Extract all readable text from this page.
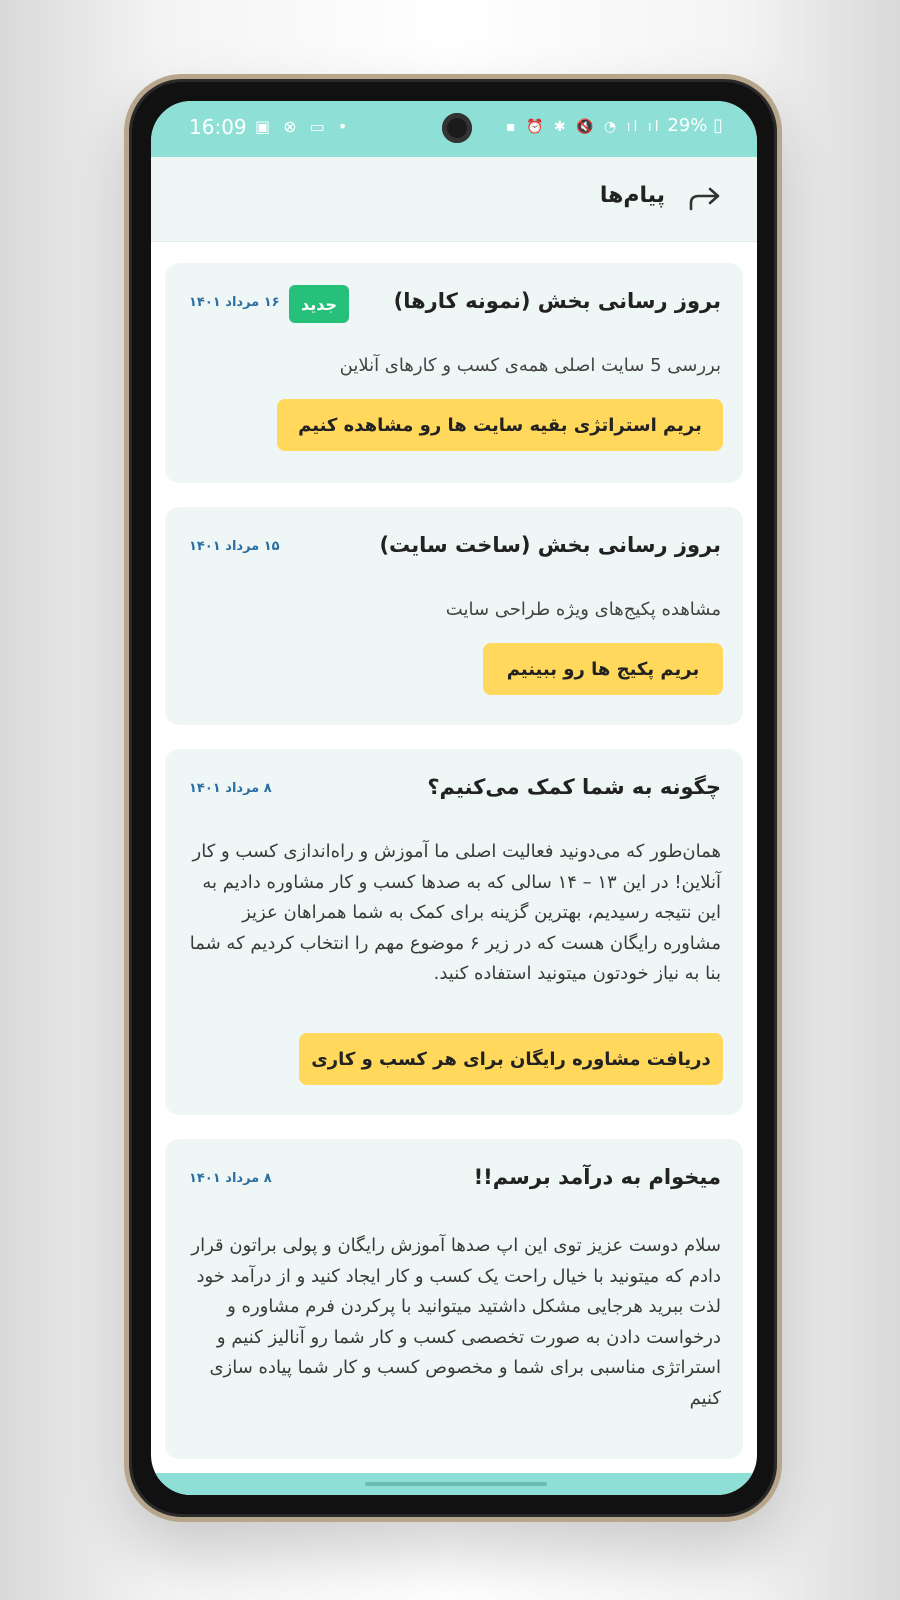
16:09 ▣ ⊗ ▭ •	▪ ⏰ ✱ 🔇 ◔ ıl ıl 29% ▯
پیام‌ها
بروز رسانی بخش (نمونه کارها)
جدید
۱۶ مرداد ۱۴۰۱
بررسی 5 سایت اصلی همه‌ی کسب و کارهای آنلاین
بریم استراتژی بقیه سایت ها رو مشاهده کنیم
بروز رسانی بخش (ساخت سایت)
۱۵ مرداد ۱۴۰۱
مشاهده پکیج‌های ویژه طراحی سایت
بریم پکیج ها رو ببینیم
چگونه به شما کمک می‌کنیم؟
۸ مرداد ۱۴۰۱
همان‌طور که می‌دونید فعالیت اصلی ما آموزش و راه‌اندازی کسب و کار آنلاین! در این ۱۳ – ۱۴ سالی که به صدها کسب و کار مشاوره دادیم به این نتیجه رسیدیم، بهترین گزینه برای کمک به شما همراهان عزیز مشاوره رایگان هست که در زیر ۶ موضوع مهم را انتخاب کردیم که شما بنا به نیاز خودتون میتونید استفاده کنید.
دریافت مشاوره رایگان برای هر کسب و کاری
میخوام به درآمد برسم!!
۸ مرداد ۱۴۰۱
سلام دوست عزیز توی این اپ صدها آموزش رایگان و پولی براتون قرار دادم که میتونید با خیال راحت یک کسب و کار ایجاد کنید و از درآمد خود لذت ببرید هرجایی مشکل داشتید میتوانید با پرکردن فرم مشاوره و درخواست دادن به صورت تخصصی کسب و کار شما رو آنالیز کنیم و استراتژی مناسبی برای شما و مخصوص کسب و کار شما پیاده سازی کنیم
